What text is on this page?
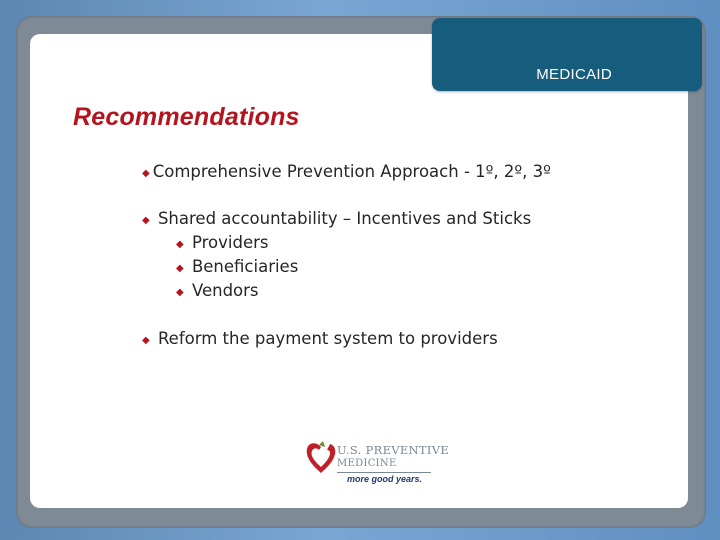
MEDICAID
Recommendations
◆ Comprehensive Prevention Approach - 1º, 2º, 3º
◆ Shared accountability – Incentives and Sticks
◆ Providers
◆ Beneficiaries
◆ Vendors
◆ Reform the payment system to providers
U.S. PREVENTIVE
MEDICINE
more good years.
